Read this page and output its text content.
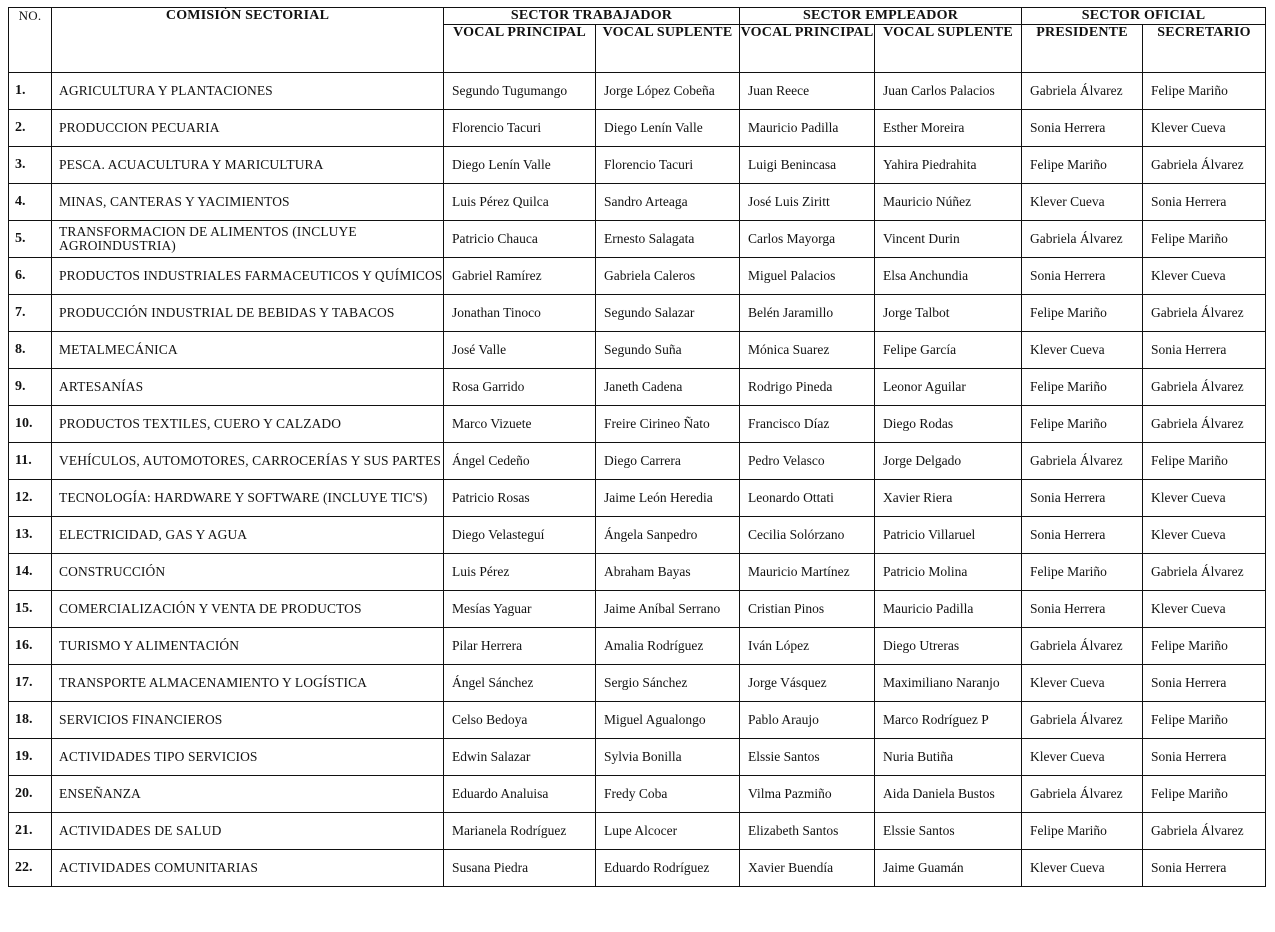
NO.	COMISIÓN SECTORIAL	SECTOR TRABAJADOR		SECTOR EMPLEADOR		SECTOR OFICIAL	
		VOCAL PRINCIPAL	VOCAL SUPLENTE	VOCAL PRINCIPAL	VOCAL SUPLENTE	PRESIDENTE	SECRETARIO
1.	AGRICULTURA Y PLANTACIONES	Segundo Tugumango	Jorge López Cobeña	Juan Reece	Juan Carlos Palacios	Gabriela Álvarez	Felipe Mariño
2.	PRODUCCION PECUARIA	Florencio Tacuri	Diego Lenín Valle	Mauricio Padilla	Esther Moreira	Sonia Herrera	Klever Cueva
3.	PESCA. ACUACULTURA Y MARICULTURA	Diego Lenín Valle	Florencio Tacuri	Luigi Benincasa	Yahira Piedrahita	Felipe Mariño	Gabriela Álvarez
4.	MINAS, CANTERAS Y YACIMIENTOS	Luis Pérez Quilca	Sandro Arteaga	José Luis Ziritt	Mauricio Núñez	Klever Cueva	Sonia Herrera
5.	TRANSFORMACION DE ALIMENTOS (INCLUYE AGROINDUSTRIA)	Patricio Chauca	Ernesto Salagata	Carlos Mayorga	Vincent Durin	Gabriela Álvarez	Felipe Mariño
6.	PRODUCTOS INDUSTRIALES FARMACEUTICOS Y QUÍMICOS	Gabriel Ramírez	Gabriela Caleros	Miguel Palacios	Elsa Anchundia	Sonia Herrera	Klever Cueva
7.	PRODUCCIÓN INDUSTRIAL DE BEBIDAS Y TABACOS	Jonathan Tinoco	Segundo Salazar	Belén Jaramillo	Jorge Talbot	Felipe Mariño	Gabriela Álvarez
8.	METALMECÁNICA	José Valle	Segundo Suña	Mónica Suarez	Felipe García	Klever Cueva	Sonia Herrera
9.	ARTESANÍAS	Rosa Garrido	Janeth Cadena	Rodrigo Pineda	Leonor Aguilar	Felipe Mariño	Gabriela Álvarez
10.	PRODUCTOS TEXTILES, CUERO Y CALZADO	Marco Vizuete	Freire Cirineo Ñato	Francisco Díaz	Diego Rodas	Felipe Mariño	Gabriela Álvarez
11.	VEHÍCULOS, AUTOMOTORES, CARROCERÍAS Y SUS PARTES	Ángel Cedeño	Diego Carrera	Pedro Velasco	Jorge Delgado	Gabriela Álvarez	Felipe Mariño
12.	TECNOLOGÍA: HARDWARE Y SOFTWARE (INCLUYE TIC'S)	Patricio Rosas	Jaime León Heredia	Leonardo Ottati	Xavier Riera	Sonia Herrera	Klever Cueva
13.	ELECTRICIDAD, GAS Y AGUA	Diego Velasteguí	Ángela Sanpedro	Cecilia Solórzano	Patricio Villaruel	Sonia Herrera	Klever Cueva
14.	CONSTRUCCIÓN	Luis Pérez	Abraham Bayas	Mauricio Martínez	Patricio Molina	Felipe Mariño	Gabriela Álvarez
15.	COMERCIALIZACIÓN Y VENTA DE PRODUCTOS	Mesías Yaguar	Jaime Aníbal Serrano	Cristian Pinos	Mauricio Padilla	Sonia Herrera	Klever Cueva
16.	TURISMO Y ALIMENTACIÓN	Pilar Herrera	Amalia Rodríguez	Iván López	Diego Utreras	Gabriela Álvarez	Felipe Mariño
17.	TRANSPORTE ALMACENAMIENTO Y LOGÍSTICA	Ángel Sánchez	Sergio Sánchez	Jorge Vásquez	Maximiliano Naranjo	Klever Cueva	Sonia Herrera
18.	SERVICIOS FINANCIEROS	Celso Bedoya	Miguel Agualongo	Pablo Araujo	Marco Rodríguez P	Gabriela Álvarez	Felipe Mariño
19.	ACTIVIDADES TIPO SERVICIOS	Edwin Salazar	Sylvia Bonilla	Elssie Santos	Nuria Butiña	Klever Cueva	Sonia Herrera
20.	ENSEÑANZA	Eduardo Analuisa	Fredy Coba	Vilma Pazmiño	Aida Daniela Bustos	Gabriela Álvarez	Felipe Mariño
21.	ACTIVIDADES DE SALUD	Marianela Rodríguez	Lupe Alcocer	Elizabeth Santos	Elssie Santos	Felipe Mariño	Gabriela Álvarez
22.	ACTIVIDADES COMUNITARIAS	Susana Piedra	Eduardo Rodríguez	Xavier Buendía	Jaime Guamán	Klever Cueva	Sonia Herrera
